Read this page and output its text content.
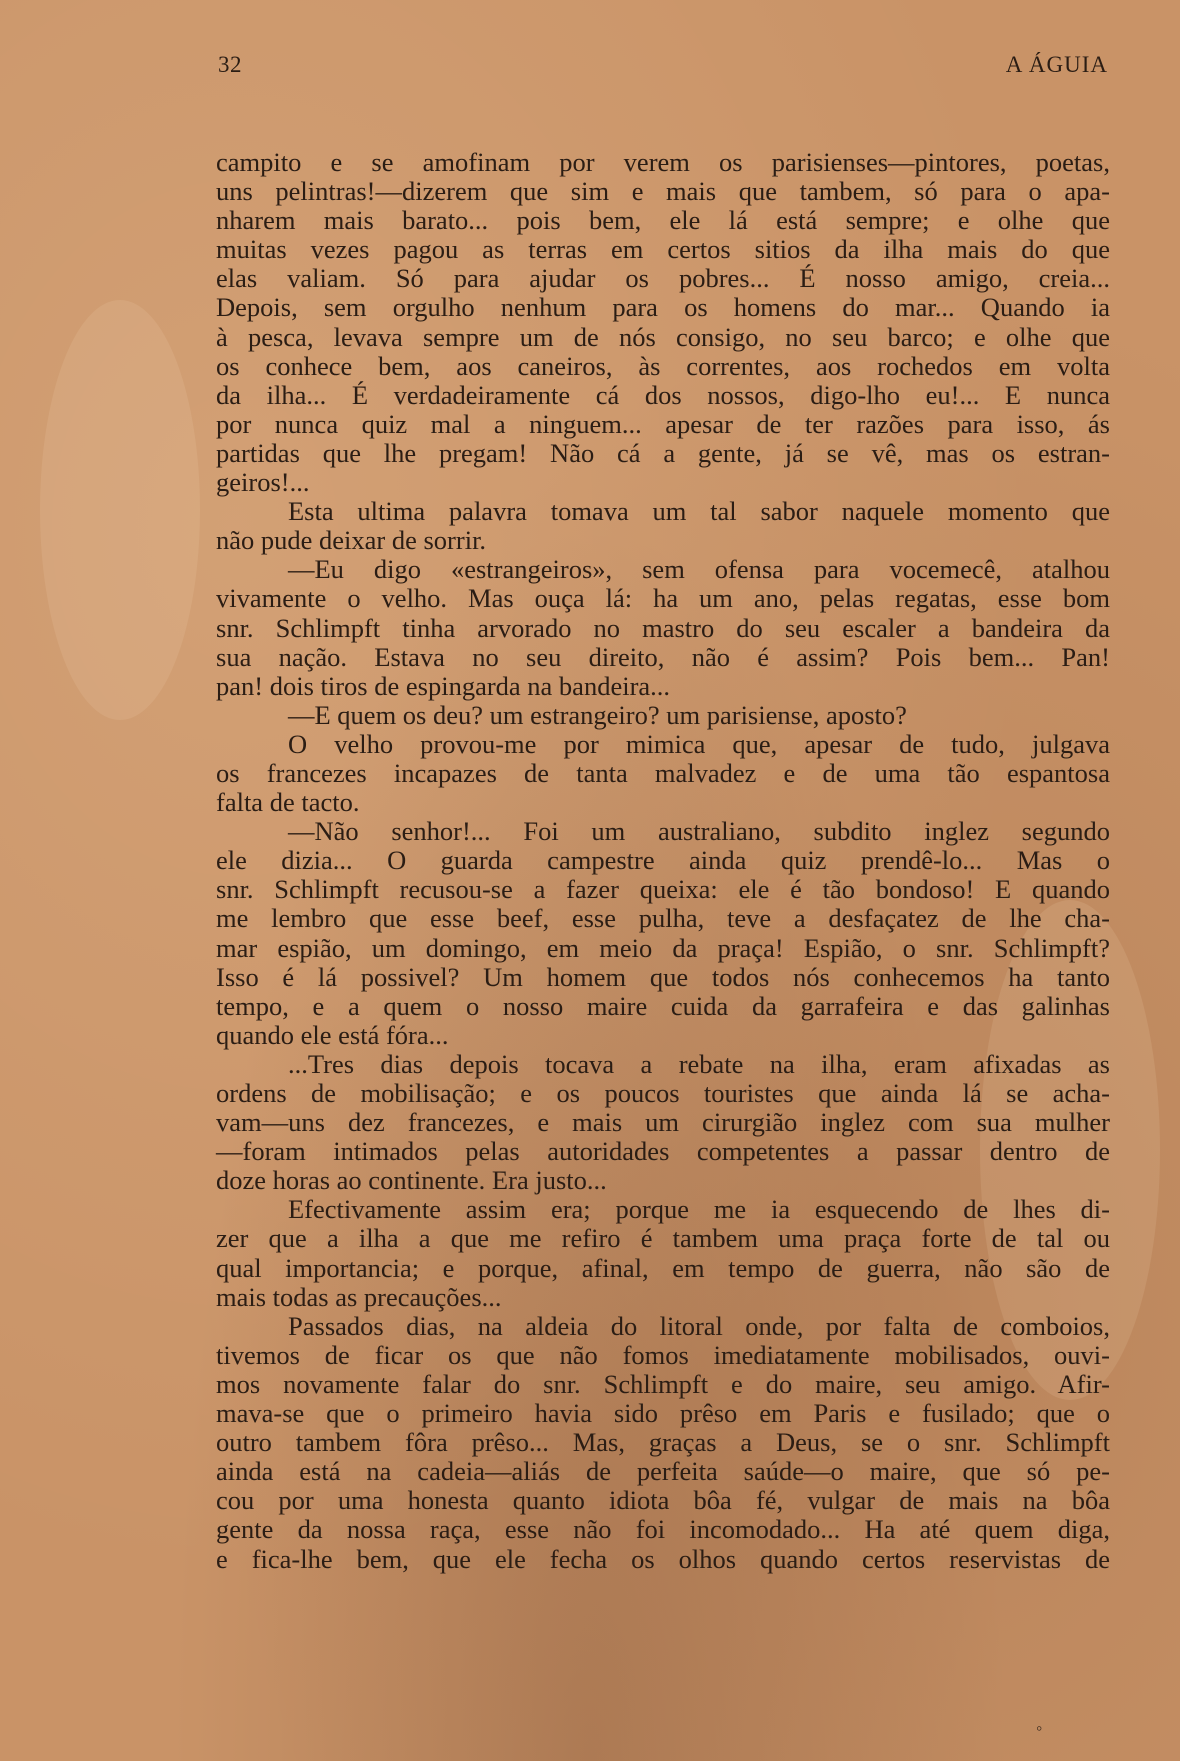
32	A ÁGUIA
campito e se amofinam por verem os parisienses—pintores, poetas,
uns pelintras!—dizerem que sim e mais que tambem, só para o apa-
nharem mais barato... pois bem, ele lá está sempre; e olhe que
muitas vezes pagou as terras em certos sitios da ilha mais do que
elas valiam. Só para ajudar os pobres... É nosso amigo, creia...
Depois, sem orgulho nenhum para os homens do mar... Quando ia
à pesca, levava sempre um de nós consigo, no seu barco; e olhe que
os conhece bem, aos caneiros, às correntes, aos rochedos em volta
da ilha... É verdadeiramente cá dos nossos, digo-lho eu!... E nunca
por nunca quiz mal a ninguem... apesar de ter razões para isso, ás
partidas que lhe pregam! Não cá a gente, já se vê, mas os estran-
geiros!...
Esta ultima palavra tomava um tal sabor naquele momento que
não pude deixar de sorrir.
—Eu digo «estrangeiros», sem ofensa para vocemecê, atalhou
vivamente o velho. Mas ouça lá: ha um ano, pelas regatas, esse bom
snr. Schlimpft tinha arvorado no mastro do seu escaler a bandeira da
sua nação. Estava no seu direito, não é assim? Pois bem... Pan!
pan! dois tiros de espingarda na bandeira...
—E quem os deu? um estrangeiro? um parisiense, aposto?
O velho provou-me por mimica que, apesar de tudo, julgava
os francezes incapazes de tanta malvadez e de uma tão espantosa
falta de tacto.
—Não senhor!... Foi um australiano, subdito inglez segundo
ele dizia... O guarda campestre ainda quiz prendê-lo... Mas o
snr. Schlimpft recusou-se a fazer queixa: ele é tão bondoso! E quando
me lembro que esse beef, esse pulha, teve a desfaçatez de lhe cha-
mar espião, um domingo, em meio da praça! Espião, o snr. Schlimpft?
Isso é lá possivel? Um homem que todos nós conhecemos ha tanto
tempo, e a quem o nosso maire cuida da garrafeira e das galinhas
quando ele está fóra...
...Tres dias depois tocava a rebate na ilha, eram afixadas as
ordens de mobilisação; e os poucos touristes que ainda lá se acha-
vam—uns dez francezes, e mais um cirurgião inglez com sua mulher
—foram intimados pelas autoridades competentes a passar dentro de
doze horas ao continente. Era justo...
Efectivamente assim era; porque me ia esquecendo de lhes di-
zer que a ilha a que me refiro é tambem uma praça forte de tal ou
qual importancia; e porque, afinal, em tempo de guerra, não são de
mais todas as precauções...
Passados dias, na aldeia do litoral onde, por falta de comboios,
tivemos de ficar os que não fomos imediatamente mobilisados, ouvi-
mos novamente falar do snr. Schlimpft e do maire, seu amigo. Afir-
mava-se que o primeiro havia sido prêso em Paris e fusilado; que o
outro tambem fôra prêso... Mas, graças a Deus, se o snr. Schlimpft
ainda está na cadeia—aliás de perfeita saúde—o maire, que só pe-
cou por uma honesta quanto idiota bôa fé, vulgar de mais na bôa
gente da nossa raça, esse não foi incomodado... Ha até quem diga,
e fica-lhe bem, que ele fecha os olhos quando certos reservistas de
◦
